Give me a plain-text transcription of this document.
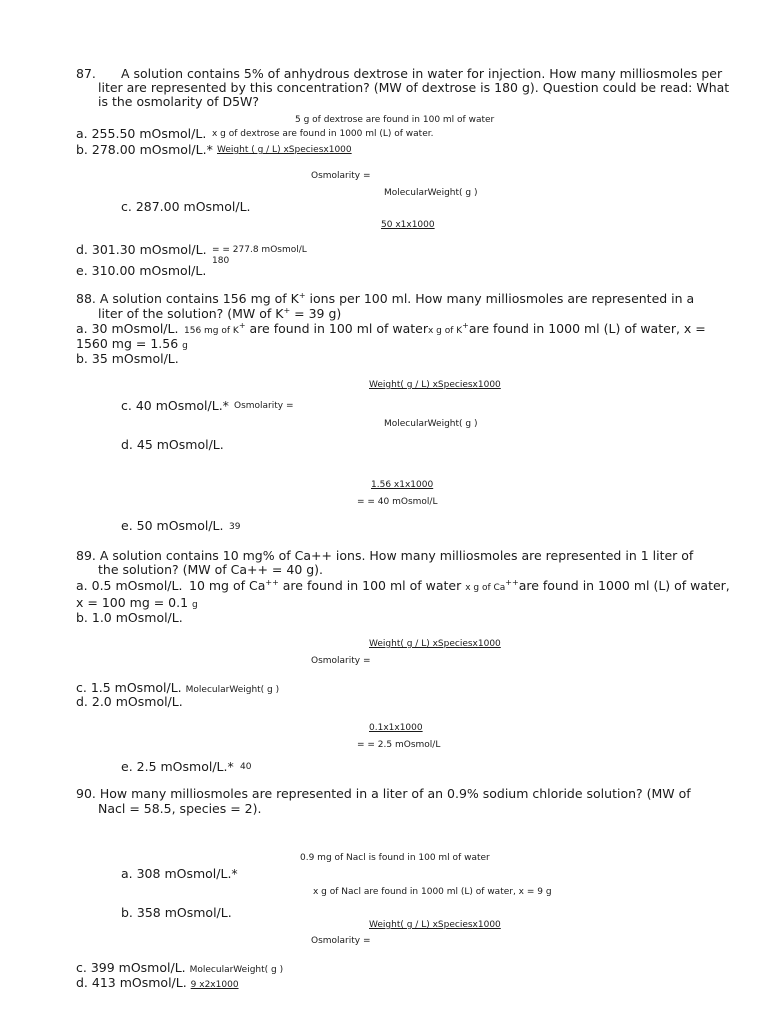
87. A solution contains 5% of anhydrous dextrose in water for injection. How many milliosmoles per
liter are represented by this concentration? (MW of dextrose is 180 g). Question could be read: What
is the osmolarity of D5W?
5 g of dextrose are found in 100 ml of water
a. 255.50 mOsmol/L. x g of dextrose are found in 1000 ml (L) of water.
b. 278.00 mOsmol/L.* Weight ( g / L) xSpeciesx1000
Osmolarity =
MolecularWeight( g )
c. 287.00 mOsmol/L.
50 x1x1000
d. 301.30 mOsmol/L. = = 277.8 mOsmol/L
180
e. 310.00 mOsmol/L.
88. A solution contains 156 mg of K+ ions per 100 ml. How many milliosmoles are represented in a
liter of the solution? (MW of K+ = 39 g)
a. 30 mOsmol/L. 156 mg of K+ are found in 100 ml of waterx g of K+are found in 1000 ml (L) of water, x =
1560 mg = 1.56 g
b. 35 mOsmol/L.
Weight( g / L) xSpeciesx1000
c. 40 mOsmol/L.* Osmolarity =
MolecularWeight( g )
d. 45 mOsmol/L.
1.56 x1x1000
= = 40 mOsmol/L
e. 50 mOsmol/L. 39
89. A solution contains 10 mg% of Ca++ ions. How many milliosmoles are represented in 1 liter of
the solution? (MW of Ca++ = 40 g).
a. 0.5 mOsmol/L. 10 mg of Ca++ are found in 100 ml of water x g of Ca++are found in 1000 ml (L) of water,
x = 100 mg = 0.1 g
b. 1.0 mOsmol/L.
Weight( g / L) xSpeciesx1000
Osmolarity =
c. 1.5 mOsmol/L. MolecularWeight( g )
d. 2.0 mOsmol/L.
0.1x1x1000
= = 2.5 mOsmol/L
e. 2.5 mOsmol/L.* 40
90. How many milliosmoles are represented in a liter of an 0.9% sodium chloride solution? (MW of
Nacl = 58.5, species = 2).
0.9 mg of Nacl is found in 100 ml of water
a. 308 mOsmol/L.*
x g of Nacl are found in 1000 ml (L) of water, x = 9 g
b. 358 mOsmol/L.
Weight( g / L) xSpeciesx1000
Osmolarity =
c. 399 mOsmol/L. MolecularWeight( g )
d. 413 mOsmol/L. 9 x2x1000
